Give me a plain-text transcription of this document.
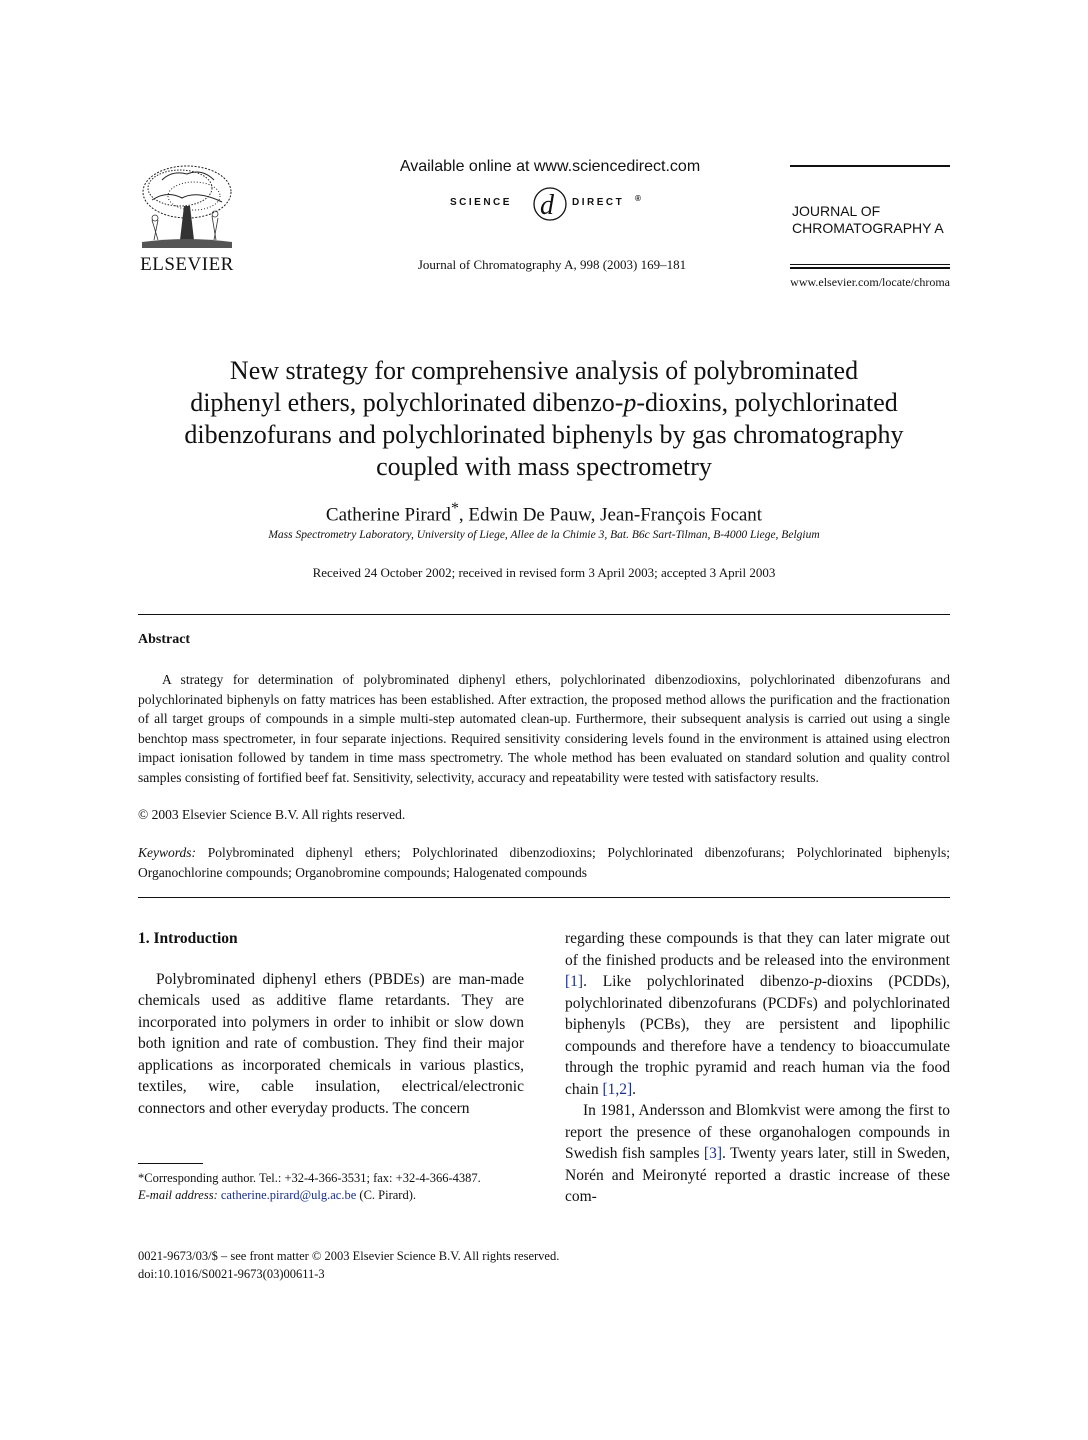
ELSEVIER
Available online at www.sciencedirect.com
SCIENCE d DIRECT ®
Journal of Chromatography A, 998 (2003) 169–181
JOURNAL OF
CHROMATOGRAPHY A
www.elsevier.com/locate/chroma
New strategy for comprehensive analysis of polybrominated
diphenyl ethers, polychlorinated dibenzo-p-dioxins, polychlorinated
dibenzofurans and polychlorinated biphenyls by gas chromatography
coupled with mass spectrometry
Catherine Pirard*, Edwin De Pauw, Jean-François Focant
Mass Spectrometry Laboratory, University of Liege, Allee de la Chimie 3, Bat. B6c Sart-Tilman, B-4000 Liege, Belgium
Received 24 October 2002; received in revised form 3 April 2003; accepted 3 April 2003
Abstract
A strategy for determination of polybrominated diphenyl ethers, polychlorinated dibenzodioxins, polychlorinated dibenzofurans and polychlorinated biphenyls on fatty matrices has been established. After extraction, the proposed method allows the purification and the fractionation of all target groups of compounds in a simple multi-step automated clean-up. Furthermore, their subsequent analysis is carried out using a single benchtop mass spectrometer, in four separate injections. Required sensitivity considering levels found in the environment is attained using electron impact ionisation followed by tandem in time mass spectrometry. The whole method has been evaluated on standard solution and quality control samples consisting of fortified beef fat. Sensitivity, selectivity, accuracy and repeatability were tested with satisfactory results.
© 2003 Elsevier Science B.V. All rights reserved.
Keywords: Polybrominated diphenyl ethers; Polychlorinated dibenzodioxins; Polychlorinated dibenzofurans; Polychlorinated biphenyls; Organochlorine compounds; Organobromine compounds; Halogenated compounds
1. Introduction
Polybrominated diphenyl ethers (PBDEs) are man-made chemicals used as additive flame retardants. They are incorporated into polymers in order to inhibit or slow down both ignition and rate of combustion. They find their major applications as incorporated chemicals in various plastics, textiles, wire, cable insulation, electrical/electronic connectors and other everyday products. The concern
*Corresponding author. Tel.: +32-4-366-3531; fax: +32-4-366-4387.
E-mail address: catherine.pirard@ulg.ac.be (C. Pirard).
regarding these compounds is that they can later migrate out of the finished products and be released into the environment [1]. Like polychlorinated dibenzo-p-dioxins (PCDDs), polychlorinated dibenzofurans (PCDFs) and polychlorinated biphenyls (PCBs), they are persistent and lipophilic compounds and therefore have a tendency to bioaccumulate through the trophic pyramid and reach human via the food chain [1,2].
In 1981, Andersson and Blomkvist were among the first to report the presence of these organohalogen compounds in Swedish fish samples [3]. Twenty years later, still in Sweden, Norén and Meironyté reported a drastic increase of these com-
0021-9673/03/$ – see front matter © 2003 Elsevier Science B.V. All rights reserved.
doi:10.1016/S0021-9673(03)00611-3
